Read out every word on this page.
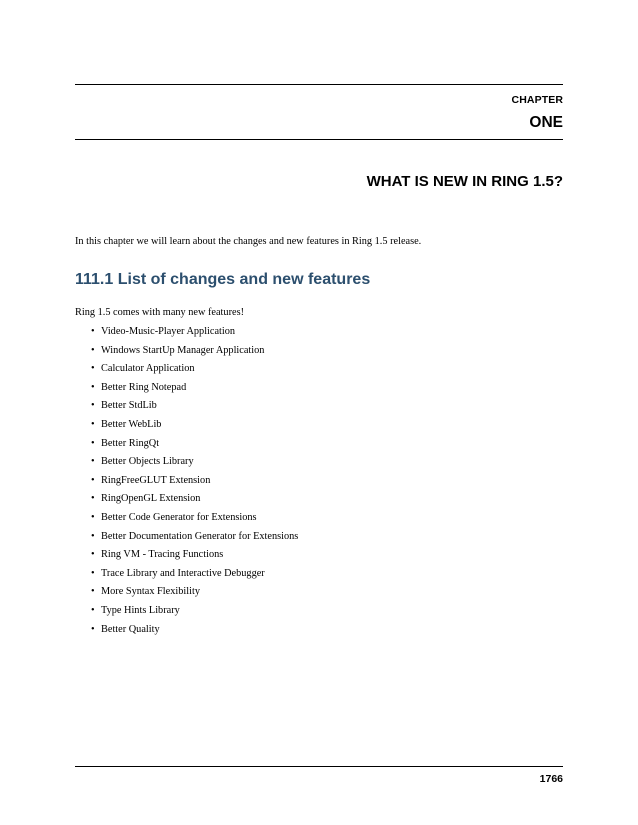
CHAPTER
ONE
WHAT IS NEW IN RING 1.5?
In this chapter we will learn about the changes and new features in Ring 1.5 release.
111.1 List of changes and new features
Ring 1.5 comes with many new features!
• Video-Music-Player Application
• Windows StartUp Manager Application
• Calculator Application
• Better Ring Notepad
• Better StdLib
• Better WebLib
• Better RingQt
• Better Objects Library
• RingFreeGLUT Extension
• RingOpenGL Extension
• Better Code Generator for Extensions
• Better Documentation Generator for Extensions
• Ring VM - Tracing Functions
• Trace Library and Interactive Debugger
• More Syntax Flexibility
• Type Hints Library
• Better Quality
1766
